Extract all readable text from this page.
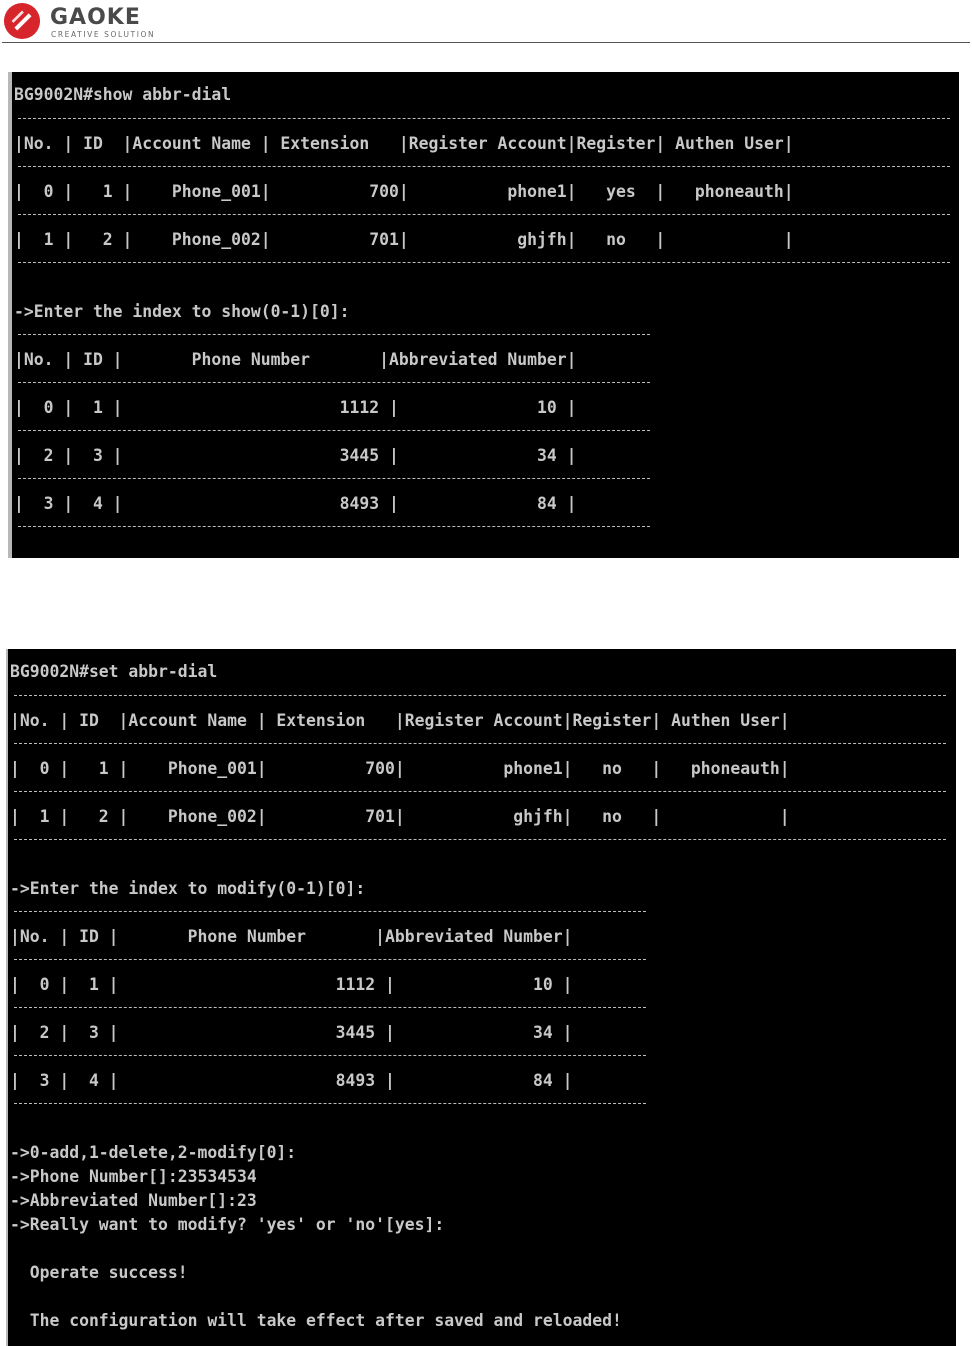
GAOKE
CREATIVE SOLUTION
BG9002N#show abbr-dial
|No. | ID  |Account Name | Extension   |Register Account|Register| Authen User|
|  0 |   1 |    Phone_001|          700|          phone1|   yes  |   phoneauth|
|  1 |   2 |    Phone_002|          701|           ghjfh|   no   |            |
->Enter the index to show(0-1)[0]:
|No. | ID |       Phone Number       |Abbreviated Number|
|  0 |  1 |                      1112 |              10 |
|  2 |  3 |                      3445 |              34 |
|  3 |  4 |                      8493 |              84 |
BG9002N#set abbr-dial
|No. | ID  |Account Name | Extension   |Register Account|Register| Authen User|
|  0 |   1 |    Phone_001|          700|          phone1|   no   |   phoneauth|
|  1 |   2 |    Phone_002|          701|           ghjfh|   no   |            |
->Enter the index to modify(0-1)[0]:
|No. | ID |       Phone Number       |Abbreviated Number|
|  0 |  1 |                      1112 |              10 |
|  2 |  3 |                      3445 |              34 |
|  3 |  4 |                      8493 |              84 |
->0-add,1-delete,2-modify[0]:
->Phone Number[]:23534534
->Abbreviated Number[]:23
->Really want to modify? 'yes' or 'no'[yes]:
Operate success!
The configuration will take effect after saved and reloaded!
